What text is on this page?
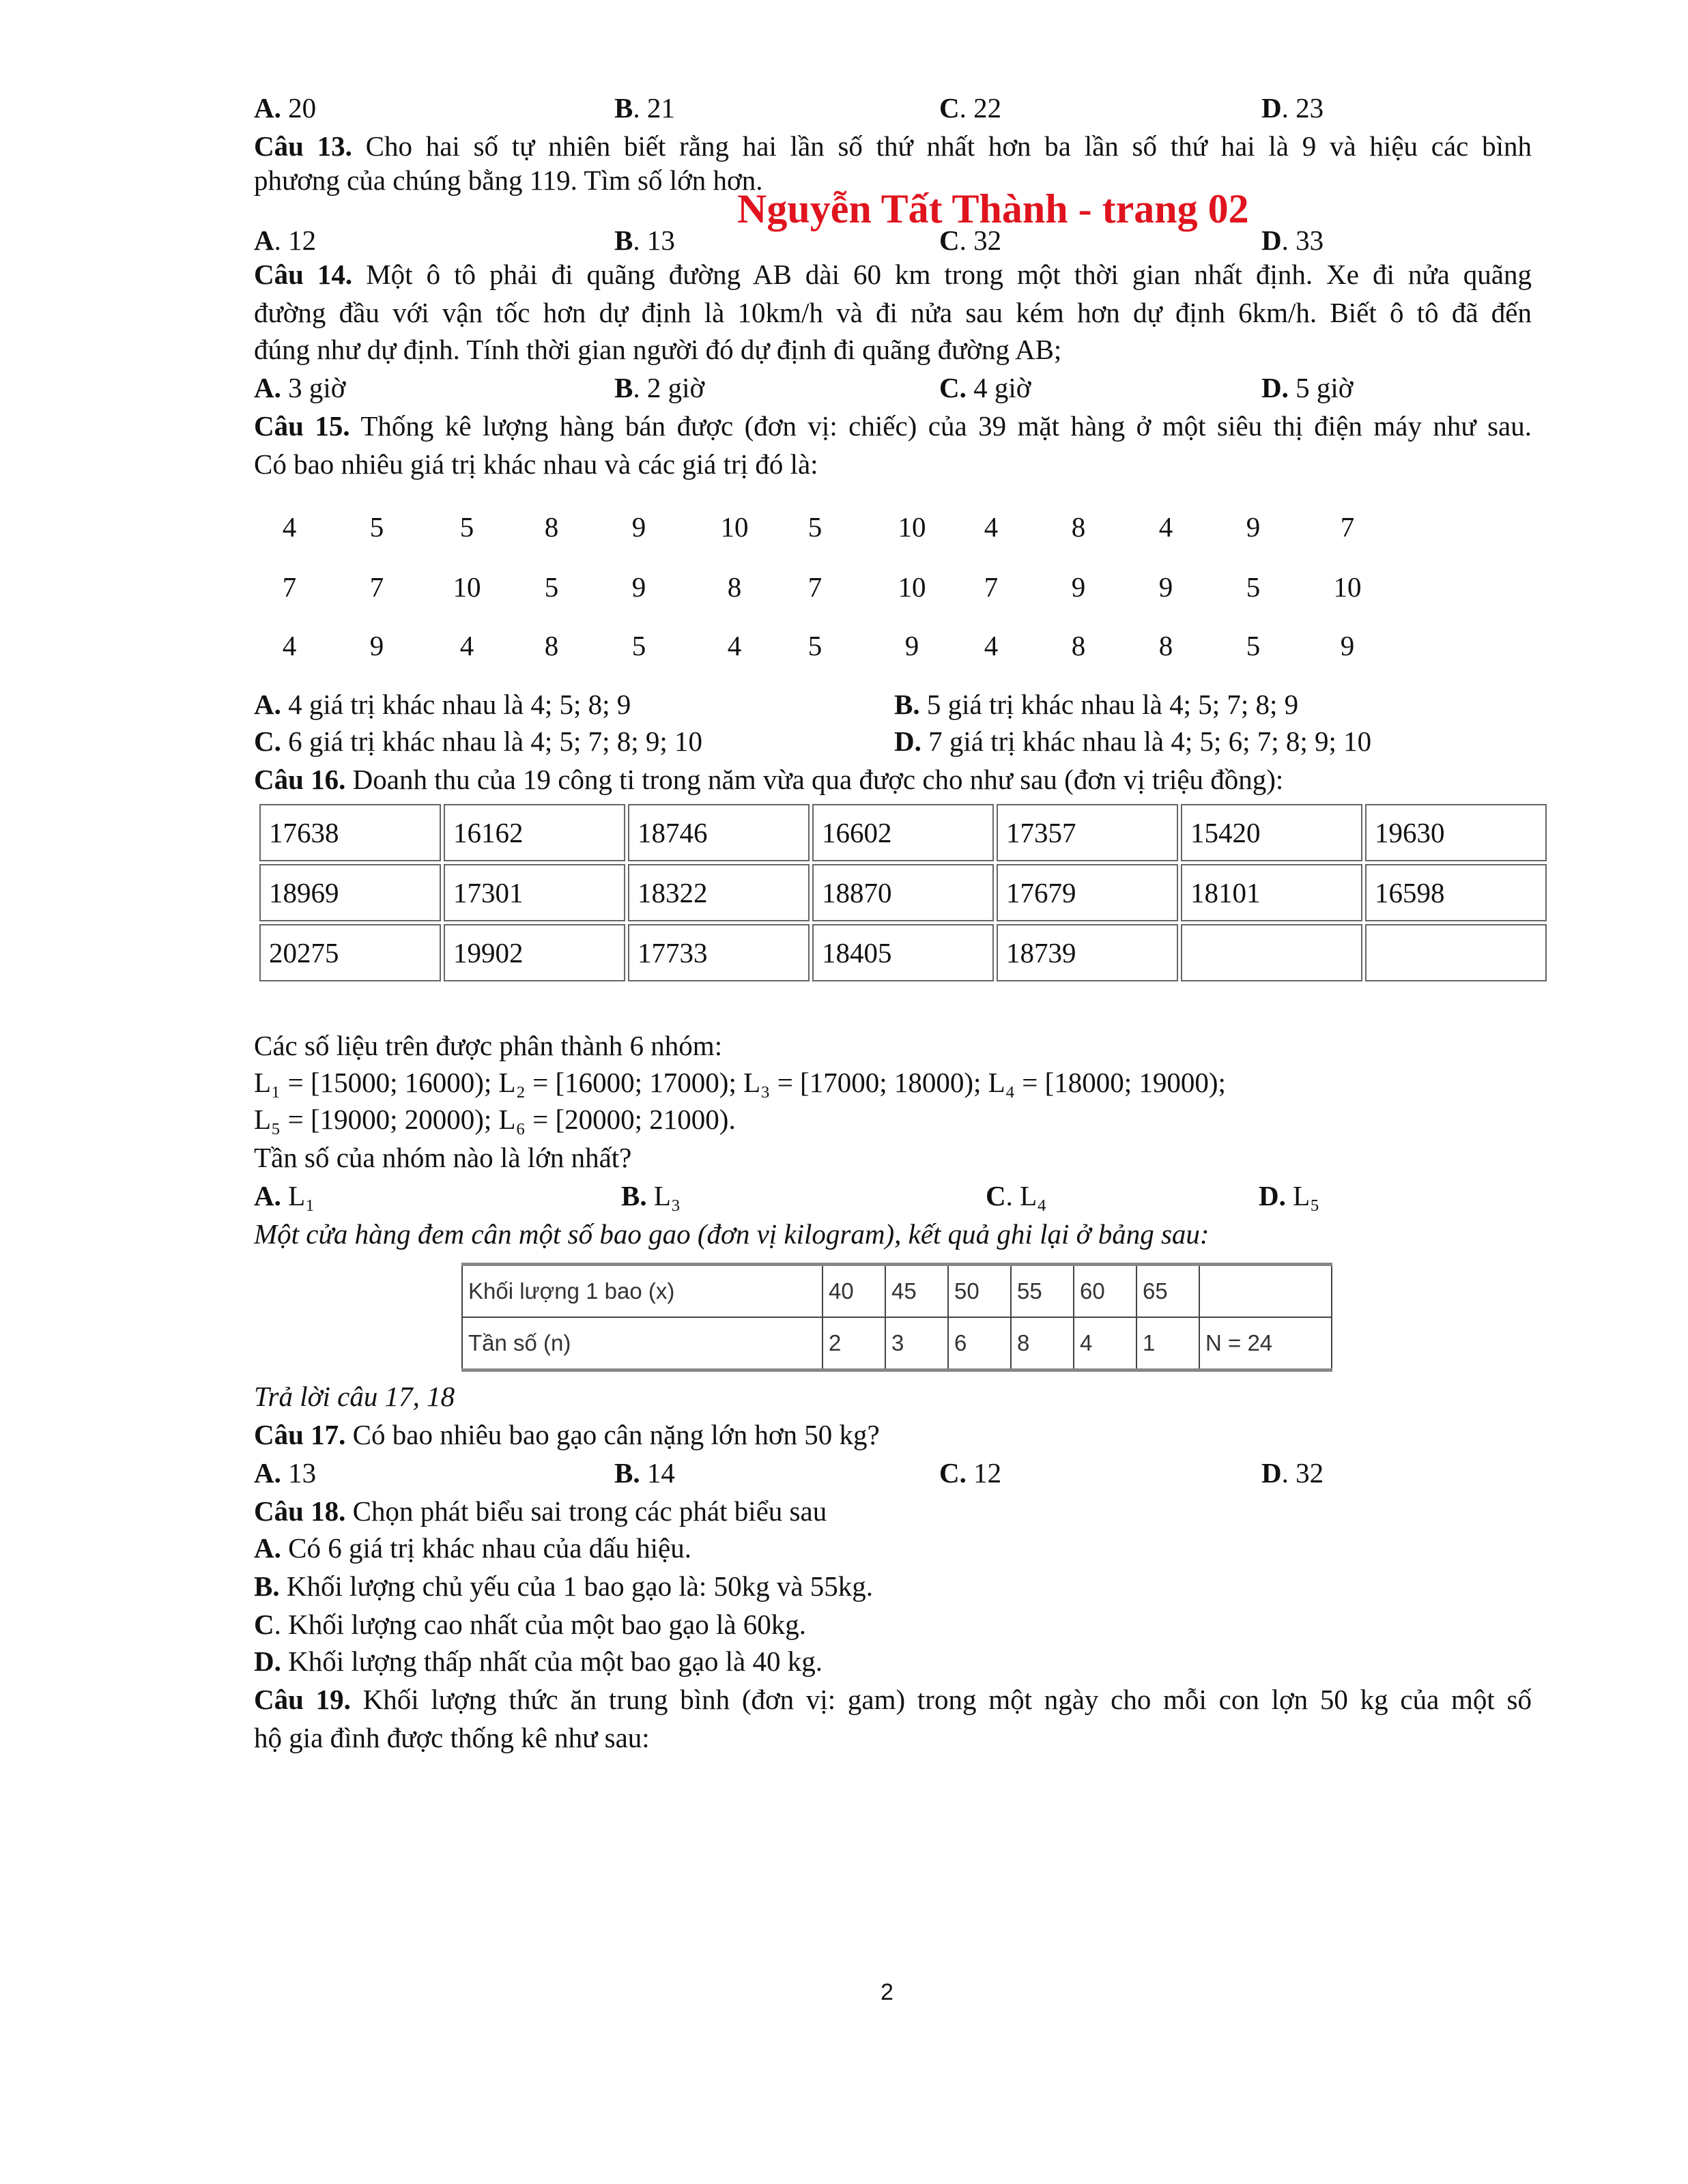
A. 20	B. 21	C. 22	D. 23
Câu 13. Cho hai số tự nhiên biết rằng hai lần số thứ nhất hơn ba lần số thứ hai là 9 và hiệu các bình
phương của chúng bằng 119. Tìm số lớn hơn.
Nguyễn Tất Thành - trang 02
A. 12	B. 13	C. 32	D. 33
Câu 14. Một ô tô phải đi quãng đường AB dài 60 km trong một thời gian nhất định. Xe đi nửa quãng
đường đầu với vận tốc hơn dự định là 10km/h và đi nửa sau kém hơn dự định 6km/h. Biết ô tô đã đến
đúng như dự định. Tính thời gian người đó dự định đi quãng đường AB;
A. 3 giờ	B. 2 giờ	C. 4 giờ	D. 5 giờ
Câu 15. Thống kê lượng hàng bán được (đơn vị: chiếc) của 39 mặt hàng ở một siêu thị điện máy như sau.
Có bao nhiêu giá trị khác nhau và các giá trị đó là:
4	5	5	8	9	10	5	10	4	8	4	9	7
7	7	10	5	9	8	7	10	7	9	9	5	10
4	9	4	8	5	4	5	9	4	8	8	5	9
A. 4 giá trị khác nhau là 4; 5; 8; 9	B. 5 giá trị khác nhau là 4; 5; 7; 8; 9
C. 6 giá trị khác nhau là 4; 5; 7; 8; 9; 10	D. 7 giá trị khác nhau là 4; 5; 6; 7; 8; 9; 10
Câu 16. Doanh thu của 19 công ti trong năm vừa qua được cho như sau (đơn vị triệu đồng):
17638	16162	18746	16602	17357	15420	19630
18969	17301	18322	18870	17679	18101	16598
20275	19902	17733	18405	18739		
Các số liệu trên được phân thành 6 nhóm:
L₁ = [15000; 16000); L₂ = [16000; 17000); L₃ = [17000; 18000); L₄ = [18000; 19000);
L₅ = [19000; 20000); L₆ = [20000; 21000).
Tần số của nhóm nào là lớn nhất?
A. L₁	B. L₃	C. L₄	D. L₅
Một cửa hàng đem cân một số bao gao (đơn vị kilogram), kết quả ghi lại ở bảng sau:
Khối lượng 1 bao (x)	40	45	50	55	60	65	
Tần số (n)	2	3	6	8	4	1	N = 24
Trả lời câu 17, 18
Câu 17. Có bao nhiêu bao gạo cân nặng lớn hơn 50 kg?
A. 13	B. 14	C. 12	D. 32
Câu 18. Chọn phát biểu sai trong các phát biểu sau
A. Có 6 giá trị khác nhau của dấu hiệu.
B. Khối lượng chủ yếu của 1 bao gạo là: 50kg và 55kg.
C. Khối lượng cao nhất của một bao gạo là 60kg.
D. Khối lượng thấp nhất của một bao gạo là 40 kg.
Câu 19. Khối lượng thức ăn trung bình (đơn vị: gam) trong một ngày cho mỗi con lợn 50 kg của một số
hộ gia đình được thống kê như sau:
2
